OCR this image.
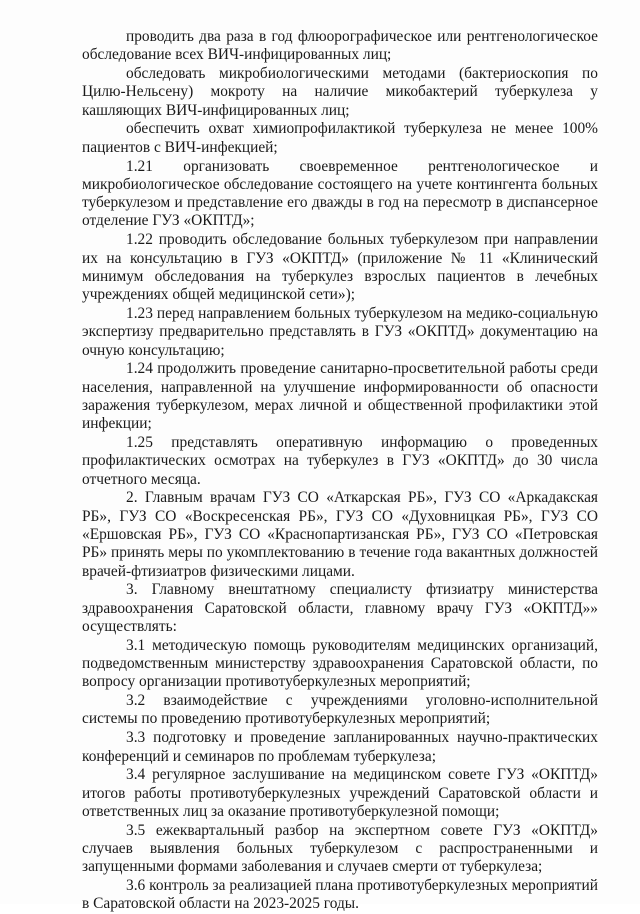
проводить два раза в год флюорографическое или рентгенологическое обследование всех ВИЧ-инфицированных лиц;

обследовать микробиологическими методами (бактериоскопия по Цилю-Нельсену) мокроту на наличие микобактерий туберкулеза у кашляющих ВИЧ-инфицированных лиц;

обеспечить охват химиопрофилактикой туберкулеза не менее 100% пациентов с ВИЧ-инфекцией;

1.21 организовать своевременное рентгенологическое и микробиологическое обследование состоящего на учете контингента больных туберкулезом и представление его дважды в год на пересмотр в диспансерное отделение ГУЗ «ОКПТД»;

1.22 проводить обследование больных туберкулезом при направлении их на консультацию в ГУЗ «ОКПТД» (приложение № 11 «Клинический минимум обследования на туберкулез взрослых пациентов в лечебных учреждениях общей медицинской сети»);

1.23 перед направлением больных туберкулезом на медико-социальную экспертизу предварительно представлять в ГУЗ «ОКПТД» документацию на очную консультацию;

1.24 продолжить проведение санитарно-просветительной работы среди населения, направленной на улучшение информированности об опасности заражения туберкулезом, мерах личной и общественной профилактики этой инфекции;

1.25 представлять оперативную информацию о проведенных профилактических осмотрах на туберкулез в ГУЗ «ОКПТД» до 30 числа отчетного месяца.

2. Главным врачам ГУЗ СО «Аткарская РБ», ГУЗ СО «Аркадакская РБ», ГУЗ СО «Воскресенская РБ», ГУЗ СО «Духовницкая РБ», ГУЗ СО «Ершовская РБ», ГУЗ СО «Краснопартизанская РБ», ГУЗ СО «Петровская РБ» принять меры по укомплектованию в течение года вакантных должностей врачей-фтизиатров физическими лицами.

3. Главному внештатному специалисту фтизиатру министерства здравоохранения Саратовской области, главному врачу ГУЗ «ОКПТД»» осуществлять:

3.1 методическую помощь руководителям медицинских организаций, подведомственным министерству здравоохранения Саратовской области, по вопросу организации противотуберкулезных мероприятий;

3.2 взаимодействие с учреждениями уголовно-исполнительной системы по проведению противотуберкулезных мероприятий;

3.3 подготовку и проведение запланированных научно-практических конференций и семинаров по проблемам туберкулеза;

3.4 регулярное заслушивание на медицинском совете ГУЗ «ОКПТД» итогов работы противотуберкулезных учреждений Саратовской области и ответственных лиц за оказание противотуберкулезной помощи;

3.5 ежеквартальный разбор на экспертном совете ГУЗ «ОКПТД» случаев выявления больных туберкулезом с распространенными и запущенными формами заболевания и случаев смерти от туберкулеза;

3.6 контроль за реализацией плана противотуберкулезных мероприятий в Саратовской области на 2023-2025 годы.
